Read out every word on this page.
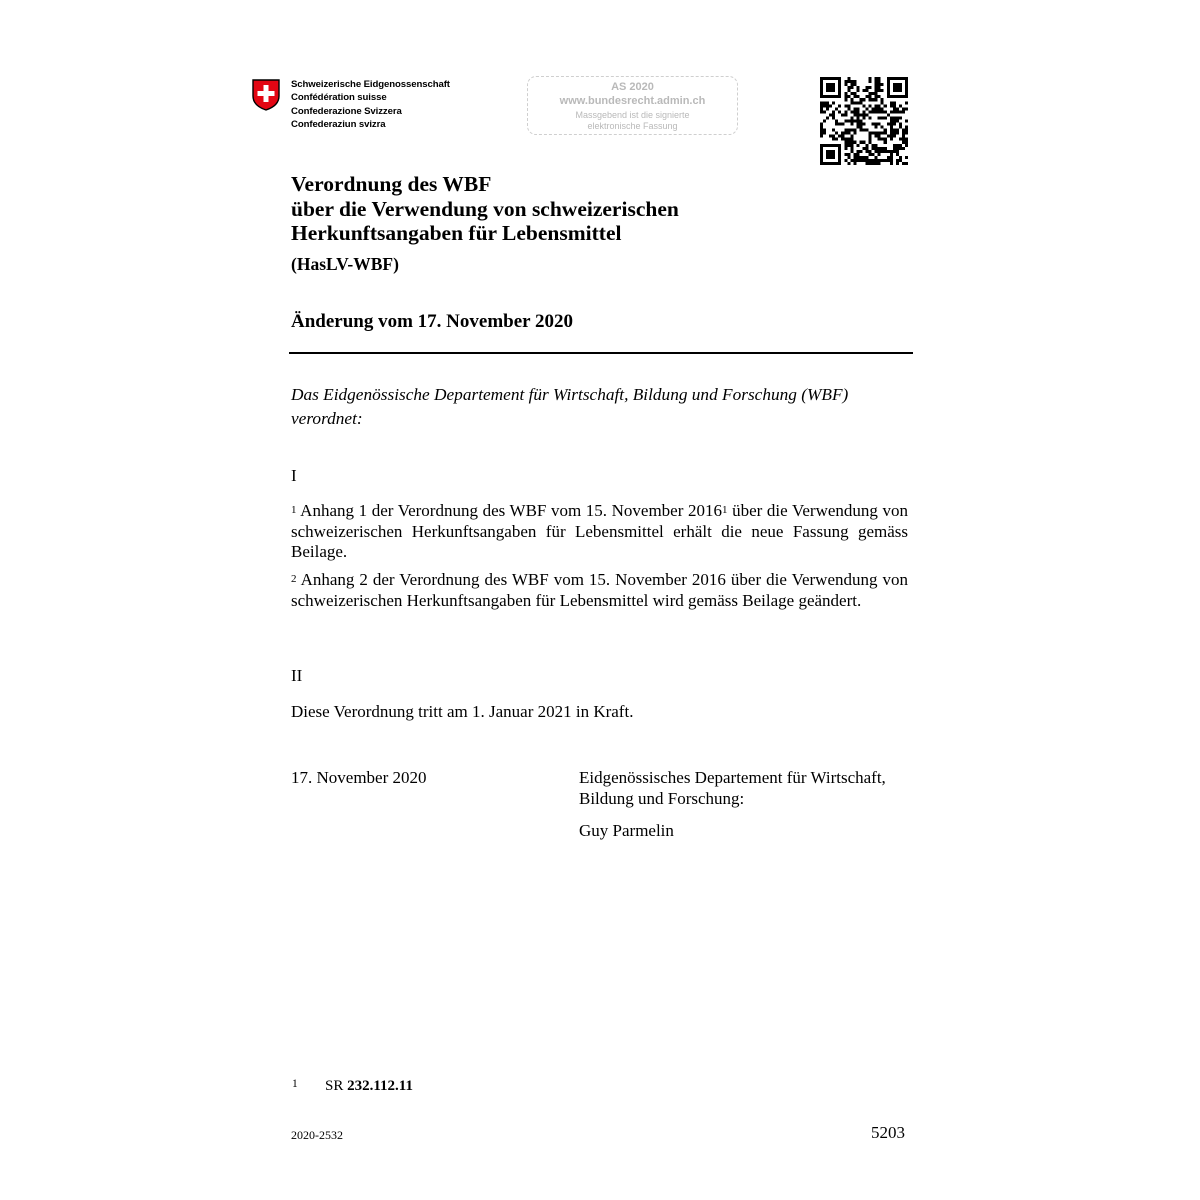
Schweizerische Eidgenossenschaft
Confédération suisse
Confederazione Svizzera
Confederaziun svizra
AS 2020
www.bundesrecht.admin.ch
Massgebend ist die signierte
elektronische Fassung
Verordnung des WBF
über die Verwendung von schweizerischen
Herkunftsangaben für Lebensmittel
(HasLV-WBF)
Änderung vom 17. November 2020
Das Eidgenössische Departement für Wirtschaft, Bildung und Forschung (WBF) verordnet:
I
$^1$ Anhang 1 der Verordnung des WBF vom 15. November 2016$^1$ über die Verwendung von schweizerischen Herkunftsangaben für Lebensmittel erhält die neue Fassung gemäss Beilage.
$^2$ Anhang 2 der Verordnung des WBF vom 15. November 2016 über die Verwendung von schweizerischen Herkunftsangaben für Lebensmittel wird gemäss Beilage geändert.
II
Diese Verordnung tritt am 1. Januar 2021 in Kraft.
17. November 2020	Eidgenössisches Departement für Wirtschaft,
Bildung und Forschung:
Guy Parmelin
1 SR 232.112.11
2020-2532	5203
